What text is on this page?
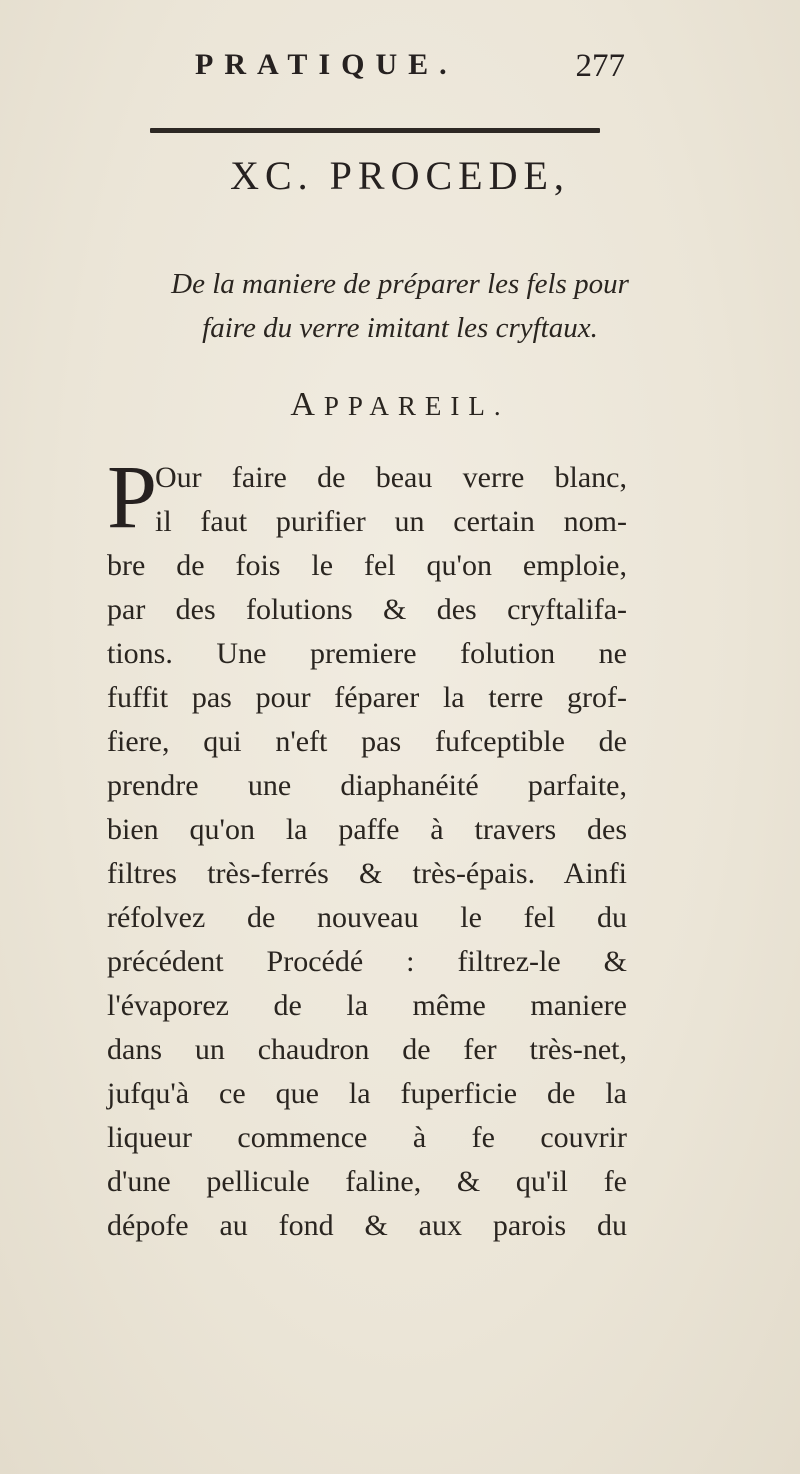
PRATIQUE.	277
XC. PROCEDE,
De la maniere de préparer les fels pour
faire du verre imitant les cryftaux.
APPAREIL.
P
Our faire de beau verre blanc,
il faut purifier un certain nom-
bre de fois le fel qu'on emploie,
par des folutions & des cryftalifa-
tions. Une premiere folution ne
fuffit pas pour féparer la terre grof-
fiere, qui n'eft pas fufceptible de
prendre une diaphanéité parfaite,
bien qu'on la paffe à travers des
filtres très-ferrés & très-épais. Ainfi
réfolvez de nouveau le fel du
précédent Procédé : filtrez-le &
l'évaporez de la même maniere
dans un chaudron de fer très-net,
jufqu'à ce que la fuperficie de la
liqueur commence à fe couvrir
d'une pellicule faline, & qu'il fe
dépofe au fond & aux parois du
